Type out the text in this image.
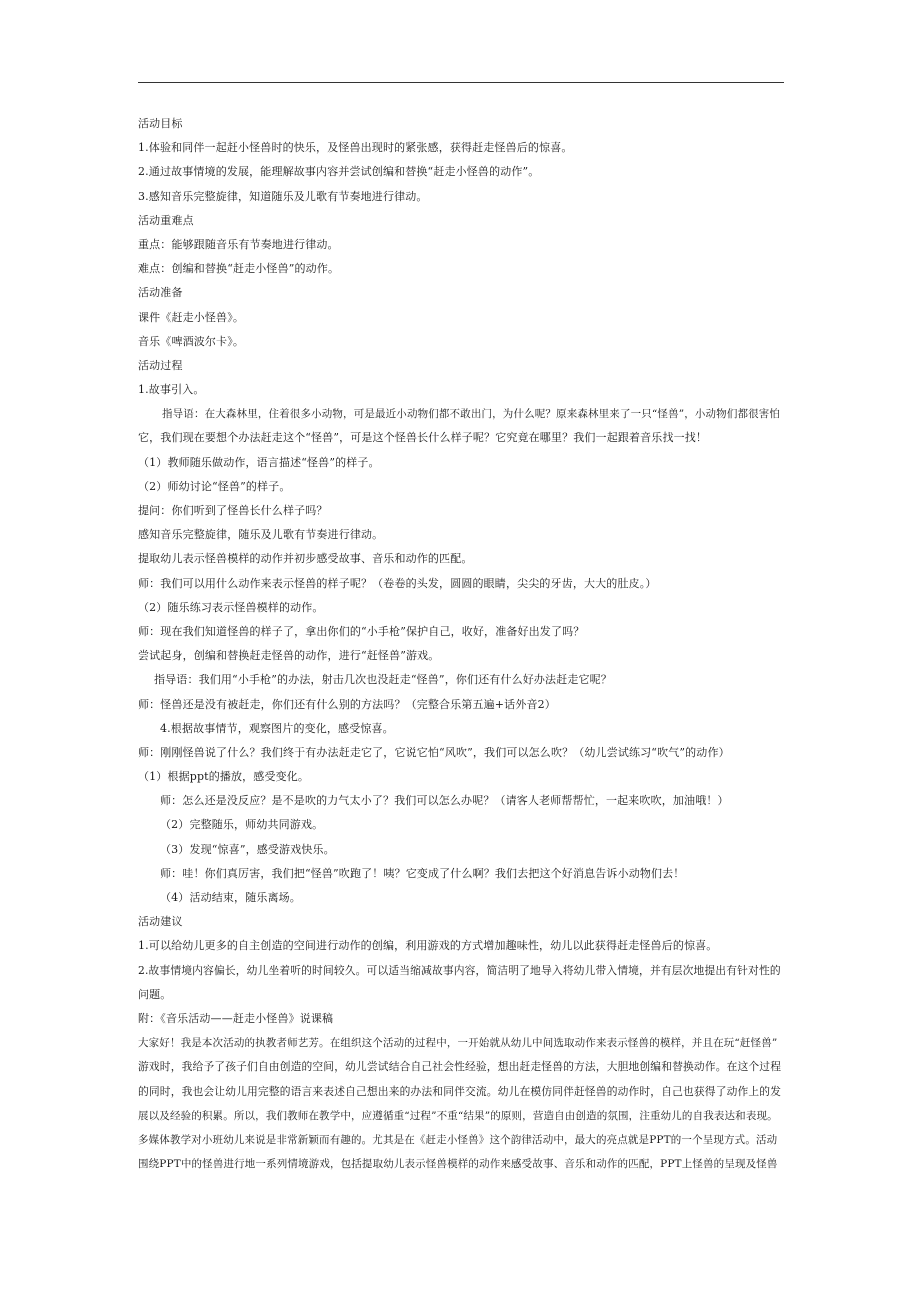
活动目标
1.体验和同伴一起赶小怪兽时的快乐，及怪兽出现时的紧张感，获得赶走怪兽后的惊喜。
2.通过故事情境的发展，能理解故事内容并尝试创编和替换“赶走小怪兽的动作”。
3.感知音乐完整旋律，知道随乐及儿歌有节奏地进行律动。
活动重难点
重点：能够跟随音乐有节奏地进行律动。
难点：创编和替换“赶走小怪兽”的动作。
活动准备
课件《赶走小怪兽》。
音乐《啤酒波尔卡》。
活动过程
1.故事引入。
指导语：在大森林里，住着很多小动物，可是最近小动物们都不敢出门，为什么呢？原来森林里来了一只“怪兽”，小动物们都很害怕
它，我们现在要想个办法赶走这个“怪兽”，可是这个怪兽长什么样子呢？它究竟在哪里？我们一起跟着音乐找一找！
（1）教师随乐做动作，语言描述“怪兽”的样子。
（2）师幼讨论“怪兽”的样子。
提问：你们听到了怪兽长什么样子吗？
感知音乐完整旋律，随乐及儿歌有节奏进行律动。
提取幼儿表示怪兽模样的动作并初步感受故事、音乐和动作的匹配。
师：我们可以用什么动作来表示怪兽的样子呢？（卷卷的头发，圆圆的眼睛，尖尖的牙齿，大大的肚皮。）
（2）随乐练习表示怪兽模样的动作。
师：现在我们知道怪兽的样子了，拿出你们的“小手枪”保护自己，收好，准备好出发了吗？
尝试起身，创编和替换赶走怪兽的动作，进行“赶怪兽”游戏。
指导语：我们用“小手枪”的办法，射击几次也没赶走“怪兽”，你们还有什么好办法赶走它呢？
师：怪兽还是没有被赶走，你们还有什么别的方法吗？（完整合乐第五遍+话外音2）
4.根据故事情节，观察图片的变化，感受惊喜。
师：刚刚怪兽说了什么？我们终于有办法赶走它了，它说它怕“风吹”，我们可以怎么吹？（幼儿尝试练习“吹气”的动作）
（1）根据ppt的播放，感受变化。
师：怎么还是没反应？是不是吹的力气太小了？我们可以怎么办呢？（请客人老师帮帮忙，一起来吹吹，加油哦！）
（2）完整随乐，师幼共同游戏。
（3）发现“惊喜”，感受游戏快乐。
师：哇！你们真厉害，我们把“怪兽”吹跑了！咦？它变成了什么啊？我们去把这个好消息告诉小动物们去！
（4）活动结束，随乐离场。
活动建议
1.可以给幼儿更多的自主创造的空间进行动作的创编，利用游戏的方式增加趣味性，幼儿以此获得赶走怪兽后的惊喜。
2.故事情境内容偏长，幼儿坐着听的时间较久。可以适当缩减故事内容，简洁明了地导入将幼儿带入情境，并有层次地提出有针对性的
问题。
附：《音乐活动——赶走小怪兽》说课稿
大家好！我是本次活动的执教者师艺芳。在组织这个活动的过程中，一开始就从幼儿中间选取动作来表示怪兽的模样，并且在玩“赶怪兽”
游戏时，我给予了孩子们自由创造的空间，幼儿尝试结合自己社会性经验，想出赶走怪兽的方法，大胆地创编和替换动作。在这个过程
的同时，我也会让幼儿用完整的语言来表述自己想出来的办法和同伴交流。幼儿在模仿同伴赶怪兽的动作时，自己也获得了动作上的发
展以及经验的积累。所以，我们教师在教学中，应遵循重“过程”不重“结果”的原则，营造自由创造的氛围，注重幼儿的自我表达和表现。
多媒体教学对小班幼儿来说是非常新颖而有趣的。尤其是在《赶走小怪兽》这个韵律活动中，最大的亮点就是PPT的一个呈现方式。活动
围绕PPT中的怪兽进行地一系列情境游戏，包括提取幼儿表示怪兽模样的动作来感受故事、音乐和动作的匹配，PPT上怪兽的呈现及怪兽
